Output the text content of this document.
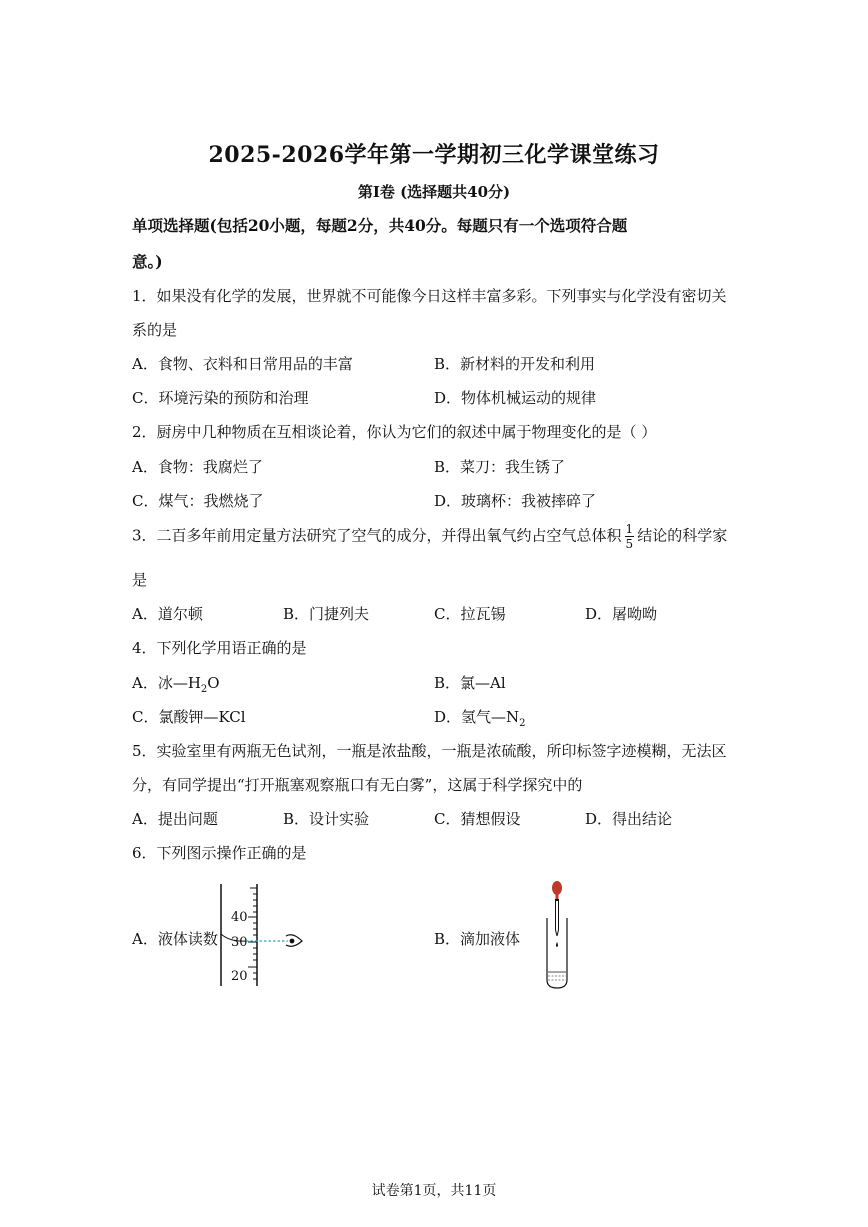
2025-2026学年第一学期初三化学课堂练习
第Ⅰ卷 (选择题共40分)
单项选择题(包括20小题，每题2分，共40分。每题只有一个选项符合题
意。)
1．如果没有化学的发展，世界就不可能像今日这样丰富多彩。下列事实与化学没有密切关
系的是
A．食物、衣料和日常用品的丰富	B．新材料的开发和利用
C．环境污染的预防和治理	D．物体机械运动的规律
2．厨房中几种物质在互相谈论着，你认为它们的叙述中属于物理变化的是（ ）
A．食物：我腐烂了	B．菜刀：我生锈了
C．煤气：我燃烧了	D．玻璃杯：我被摔碎了
3．二百多年前用定量方法研究了空气的成分，并得出氧气约占空气总体积 $\frac{1}{5}$ 结论的科学家
是
A．道尔顿	B．门捷列夫	C．拉瓦锡	D．屠呦呦
4．下列化学用语正确的是
A．冰$—H_2O$	B．氯—Al
C．氯酸钾—KCl	D．氢气$—N_2$
5．实验室里有两瓶无色试剂，一瓶是浓盐酸，一瓶是浓硫酸，所印标签字迹模糊，无法区
分，有同学提出“打开瓶塞观察瓶口有无白雾”，这属于科学探究中的
A．提出问题	B．设计实验	C．猜想假设	D．得出结论
6．下列图示操作正确的是
A．液体读数	B．滴加液体
40
30
20
试卷第1页，共11页
